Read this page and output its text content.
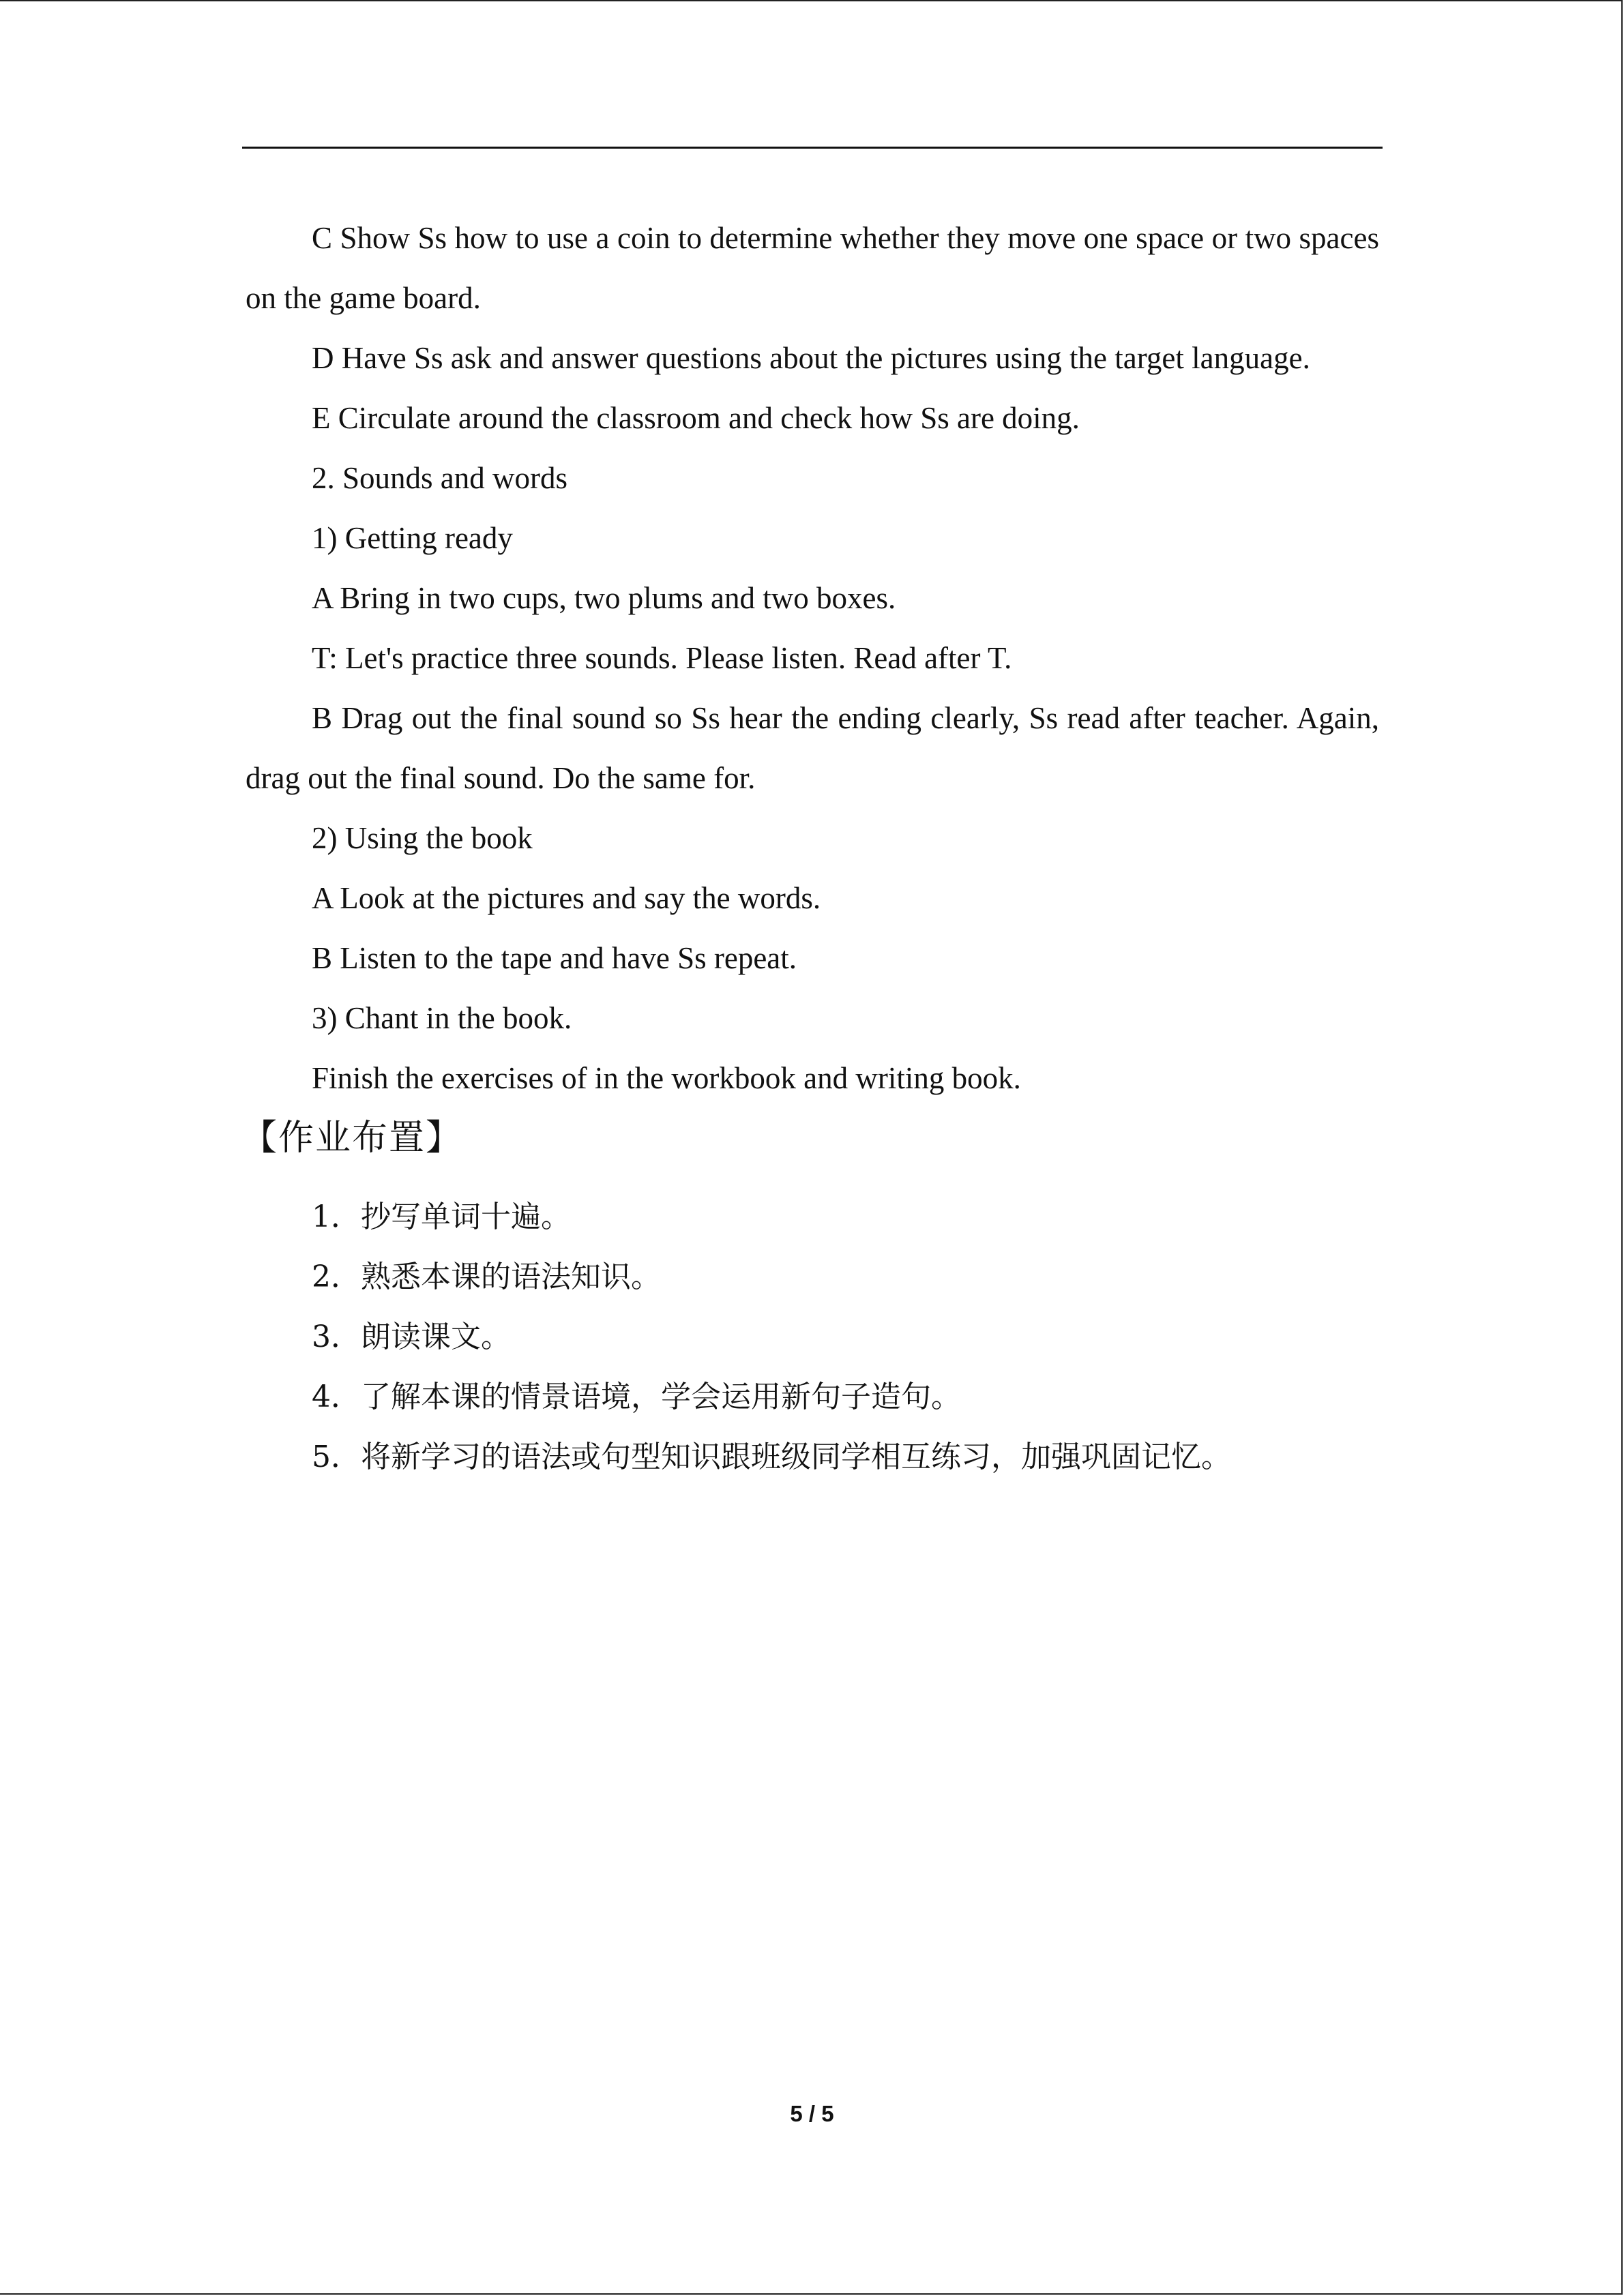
C Show Ss how to use a coin to determine whether they move one space or two spaces on the game board.

D Have Ss ask and answer questions about the pictures using the target language.

E Circulate around the classroom and check how Ss are doing.

2. Sounds and words

1) Getting ready

A Bring in two cups, two plums and two boxes.

T: Let's practice three sounds. Please listen. Read after T.

B Drag out the final sound so Ss hear the ending clearly, Ss read after teacher. Again, drag out the final sound. Do the same for.

2) Using the book

A Look at the pictures and say the words.

B Listen to the tape and have Ss repeat.

3) Chant in the book.

Finish the exercises of in the workbook and writing book.

【作业布置】

1．抄写单词十遍。

2．熟悉本课的语法知识。

3．朗读课文。

4．了解本课的情景语境，学会运用新句子造句。

5．将新学习的语法或句型知识跟班级同学相互练习，加强巩固记忆。

5 / 5
